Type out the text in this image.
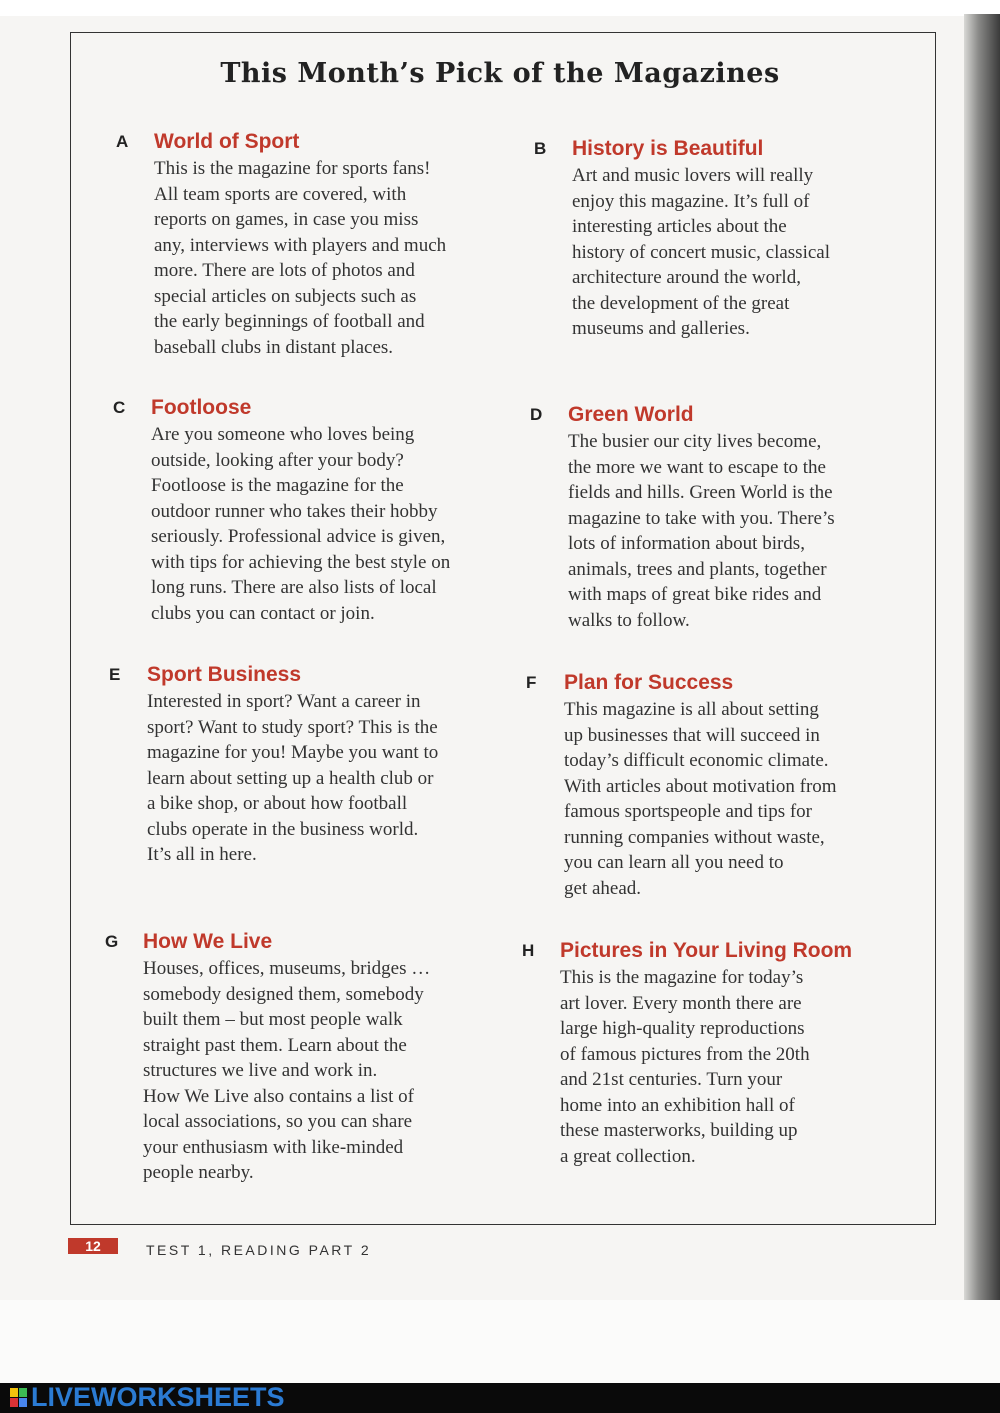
This Month’s Pick of the Magazines
A World of Sport

This is the magazine for sports fans!
All team sports are covered, with
reports on games, in case you miss
any, interviews with players and much
more. There are lots of photos and
special articles on subjects such as
the early beginnings of football and
baseball clubs in distant places.

B History is Beautiful

Art and music lovers will really
enjoy this magazine. It’s full of
interesting articles about the
history of concert music, classical
architecture around the world,
the development of the great
museums and galleries.

C Footloose

Are you someone who loves being
outside, looking after your body?
Footloose is the magazine for the
outdoor runner who takes their hobby
seriously. Professional advice is given,
with tips for achieving the best style on
long runs. There are also lists of local
clubs you can contact or join.

D Green World

The busier our city lives become,
the more we want to escape to the
fields and hills. Green World is the
magazine to take with you. There’s
lots of information about birds,
animals, trees and plants, together
with maps of great bike rides and
walks to follow.

E Sport Business

Interested in sport? Want a career in
sport? Want to study sport? This is the
magazine for you! Maybe you want to
learn about setting up a health club or
a bike shop, or about how football
clubs operate in the business world.
It’s all in here.

F Plan for Success

This magazine is all about setting
up businesses that will succeed in
today’s difficult economic climate.
With articles about motivation from
famous sportspeople and tips for
running companies without waste,
you can learn all you need to
get ahead.

G How We Live

Houses, offices, museums, bridges …
somebody designed them, somebody
built them – but most people walk
straight past them. Learn about the
structures we live and work in.
How We Live also contains a list of
local associations, so you can share
your enthusiasm with like-minded
people nearby.

H Pictures in Your Living Room

This is the magazine for today’s
art lover. Every month there are
large high-quality reproductions
of famous pictures from the 20th
and 21st centuries. Turn your
home into an exhibition hall of
these masterworks, building up
a great collection.

12	TEST 1, READING PART 2
LIVEWORKSHEETS
